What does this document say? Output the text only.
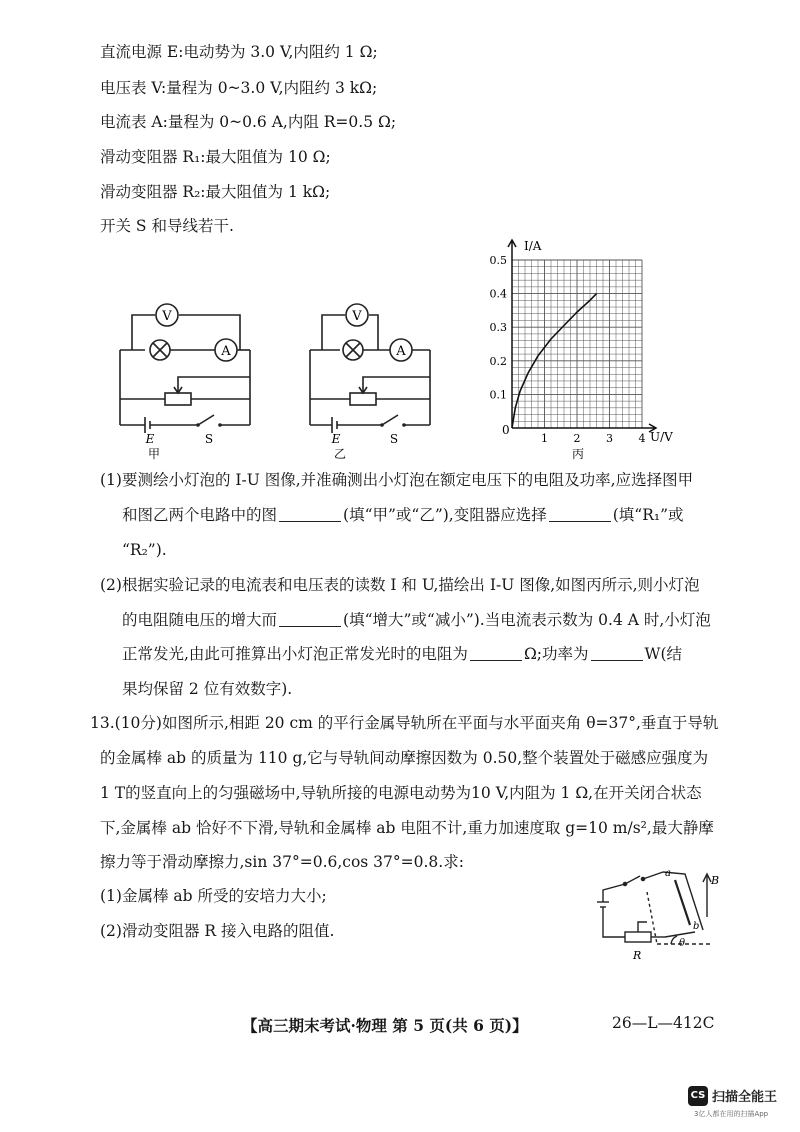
直流电源 E:电动势为 3.0 V,内阻约 1 Ω;
电压表 V:量程为 0~3.0 V,内阻约 3 kΩ;
电流表 A:量程为 0~0.6 A,内阻 R=0.5 Ω;
滑动变阻器 R₁:最大阻值为 10 Ω;
滑动变阻器 R₂:最大阻值为 1 kΩ;
开关 S 和导线若干.
V
A
E	S
甲
V
A
E	S
乙
1 2 3 4
0.1
0.2
0.3
0.4
0.5
I/A
U/V
0
丙
(1)要测绘小灯泡的 I-U 图像,并准确测出小灯泡在额定电压下的电阻及功率,应选择图甲
和图乙两个电路中的图	(填“甲”或“乙”),变阻器应选择	(填“R₁”或
“R₂”).
(2)根据实验记录的电流表和电压表的读数 I 和 U,描绘出 I-U 图像,如图丙所示,则小灯泡
的电阻随电压的增大而	(填“增大”或“减小”).当电流表示数为 0.4 A 时,小灯泡
正常发光,由此可推算出小灯泡正常发光时的电阻为	Ω;功率为	W(结
果均保留 2 位有效数字).
13.(10分)如图所示,相距 20 cm 的平行金属导轨所在平面与水平面夹角 θ=37°,垂直于导轨
的金属棒 ab 的质量为 110 g,它与导轨间动摩擦因数为 0.50,整个装置处于磁感应强度为
1 T的竖直向上的匀强磁场中,导轨所接的电源电动势为10 V,内阻为 1 Ω,在开关闭合状态
下,金属棒 ab 恰好不下滑,导轨和金属棒 ab 电阻不计,重力加速度取 g=10 m/s²,最大静摩
擦力等于滑动摩擦力,sin 37°=0.6,cos 37°=0.8.求:
(1)金属棒 ab 所受的安培力大小;
(2)滑动变阻器 R 接入电路的阻值.
a
b
B
R
θ
【高三期末考试·物理 第 5 页(共 6 页)】	26—L—412C
CS 扫描全能王
3亿人都在用的扫描App
